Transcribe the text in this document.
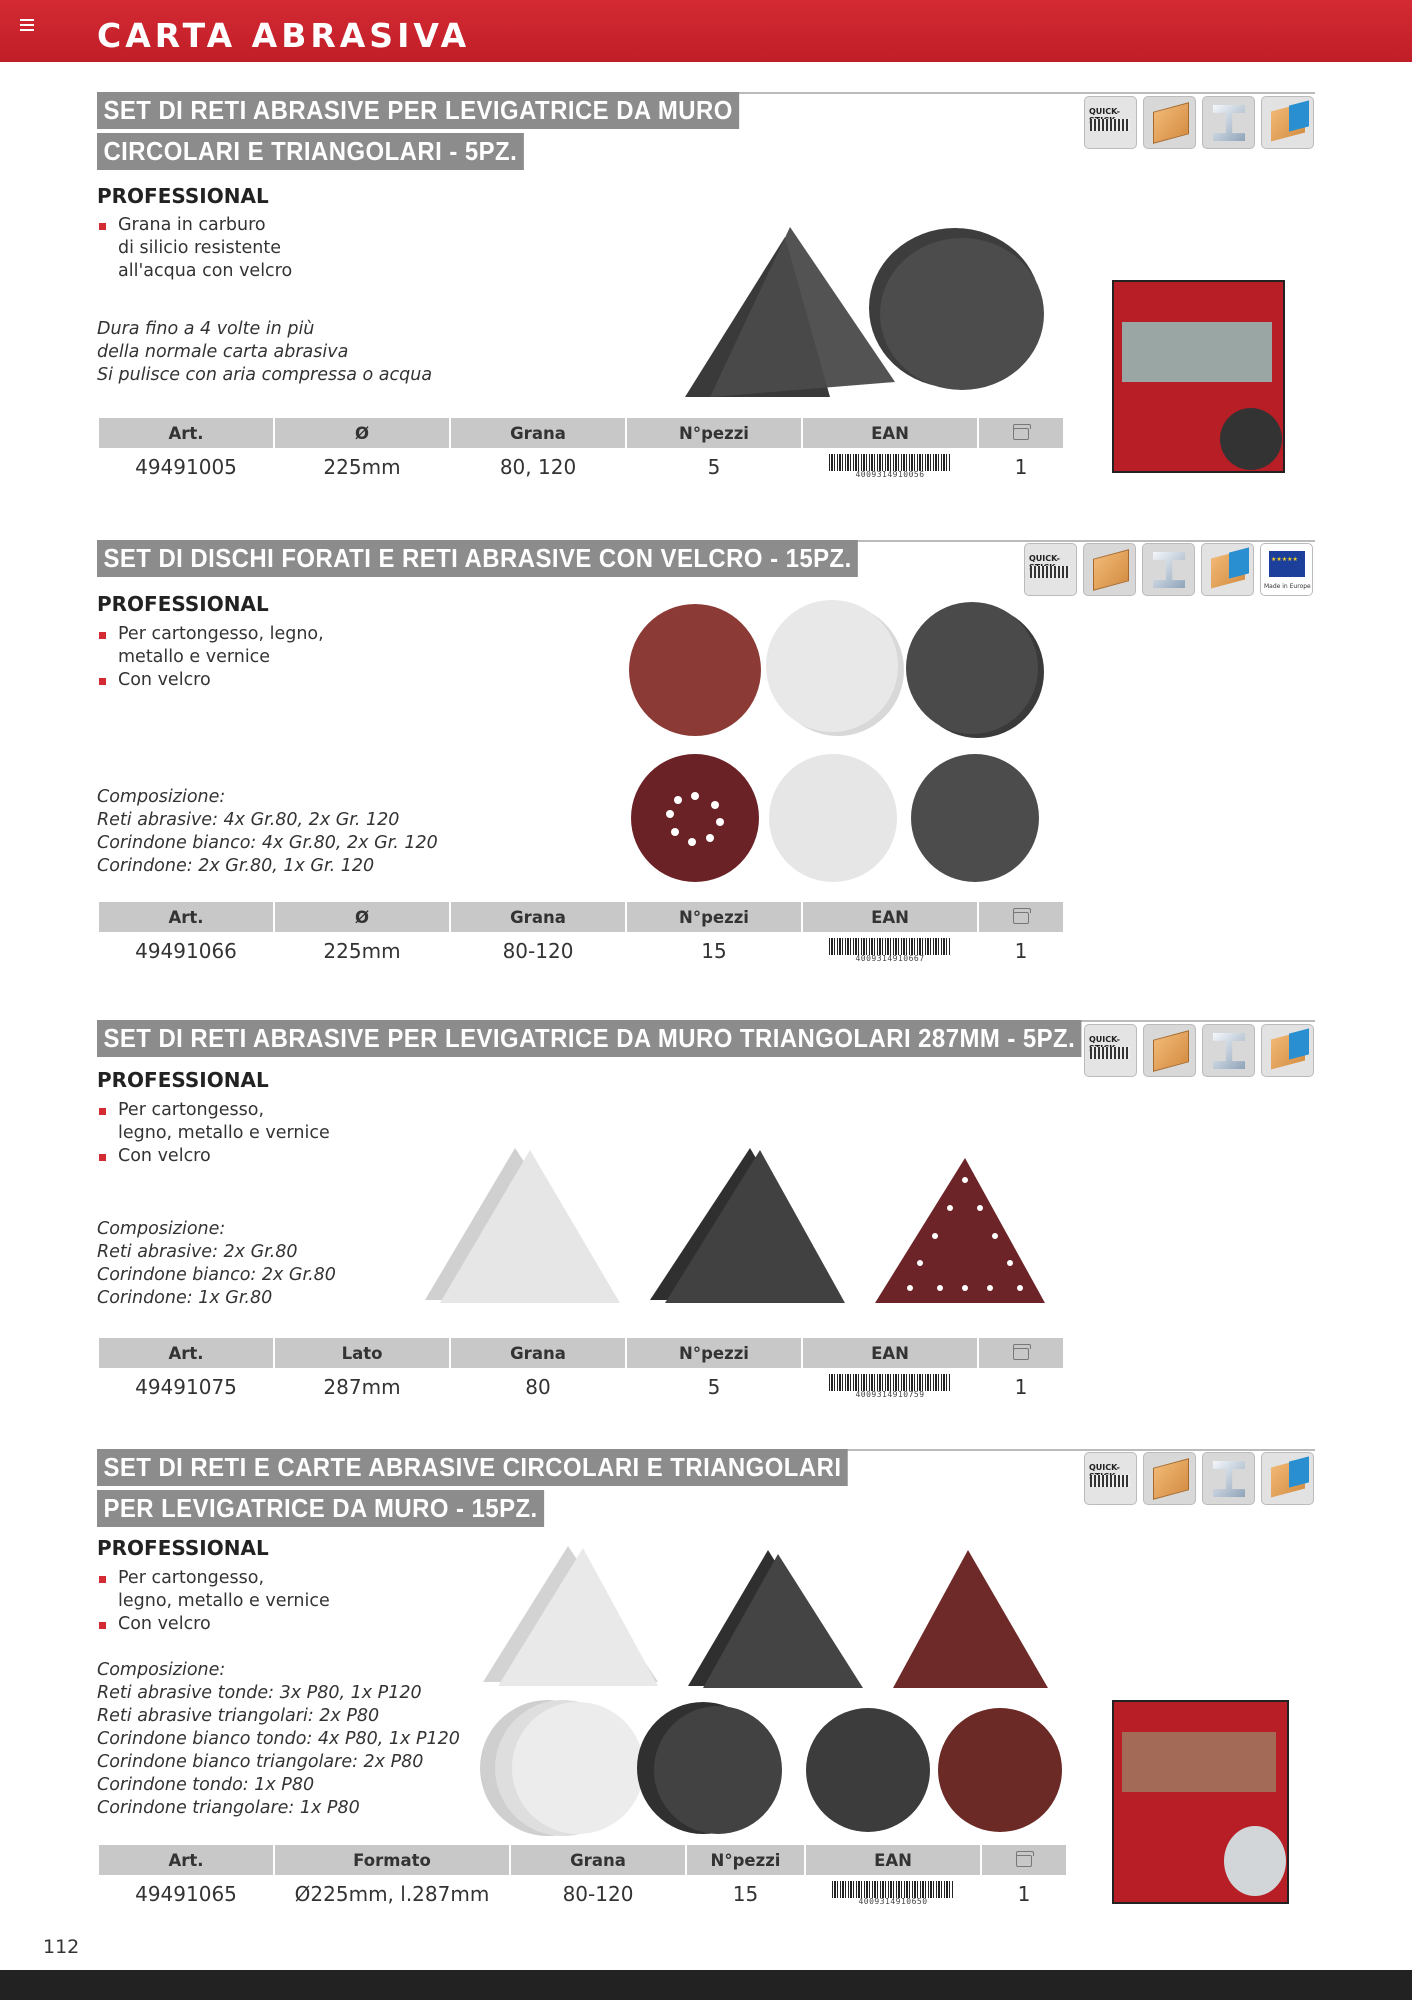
CARTA ABRASIVA
SET DI RETI ABRASIVE PER LEVIGATRICE DA MURO
CIRCOLARI E TRIANGOLARI - 5PZ.
QUICK-
PROFESSIONAL
Grana in carburo
di silicio resistente
all'acqua con velcro
Dura fino a 4 volte in più
della normale carta abrasiva
Si pulisce con aria compressa o acqua
Art.	Ø	Grana	N°pezzi	EAN	
49491005	225mm	80, 120	5	4009314910056	1
SET DI DISCHI FORATI E RETI ABRASIVE CON VELCRO - 15PZ.	QUICK-
Made in Europe
★★★★★
PROFESSIONAL
Per cartongesso, legno,
metallo e vernice
Con velcro
Composizione:
Reti abrasive: 4x Gr.80, 2x Gr. 120
Corindone bianco: 4x Gr.80, 2x Gr. 120
Corindone: 2x Gr.80, 1x Gr. 120
Art.	Ø	Grana	N°pezzi	EAN	
49491066	225mm	80-120	15	4009314910667	1
SET DI RETI ABRASIVE PER LEVIGATRICE DA MURO TRIANGOLARI 287MM - 5PZ.	QUICK-
PROFESSIONAL
Per cartongesso,
legno, metallo e vernice
Con velcro
Composizione:
Reti abrasive: 2x Gr.80
Corindone bianco: 2x Gr.80
Corindone: 1x Gr.80
Art.	Lato	Grana	N°pezzi	EAN	
49491075	287mm	80	5	4009314910759	1
SET DI RETI E CARTE ABRASIVE CIRCOLARI E TRIANGOLARI
PER LEVIGATRICE DA MURO - 15PZ.
QUICK-
PROFESSIONAL
Per cartongesso,
legno, metallo e vernice
Con velcro
Composizione:
Reti abrasive tonde: 3x P80, 1x P120
Reti abrasive triangolari: 2x P80
Corindone bianco tondo: 4x P80, 1x P120
Corindone bianco triangolare: 2x P80
Corindone tondo: 1x P80
Corindone triangolare: 1x P80
Art.	Formato	Grana	N°pezzi	EAN	
49491065	Ø225mm, l.287mm	80-120	15	4009314910650	1
112
